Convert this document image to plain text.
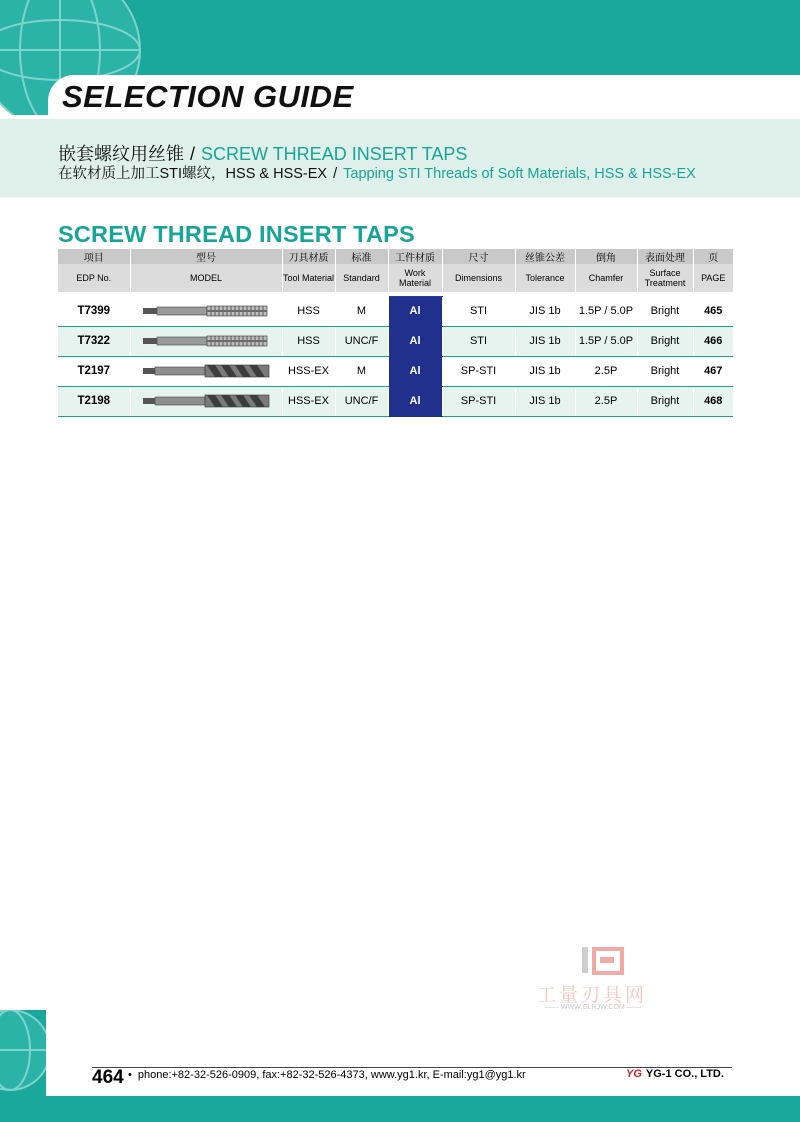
SELECTION GUIDE
嵌套螺纹用丝锥 / SCREW THREAD INSERT TAPS
在软材质上加工STI螺纹，HSS & HSS-EX / Tapping STI Threads of Soft Materials, HSS & HSS-EX
SCREW THREAD INSERT TAPS
项目	型号	刀具材质	标准	工件材质	尺寸	丝锥公差	倒角	表面处理	页
EDP No.	MODEL	Tool Material	Standard	Work Material	Dimensions	Tolerance	Chamfer	Surface Treatment	PAGE

T7399		HSS	M	Al	STI	JIS 1b	1.5P / 5.0P	Bright	465
T7322		HSS	UNC/F	Al	STI	JIS 1b	1.5P / 5.0P	Bright	466
T2197		HSS-EX	M	Al	SP-STI	JIS 1b	2.5P	Bright	467
T2198		HSS-EX	UNC/F	Al	SP-STI	JIS 1b	2.5P	Bright	468
工量刃具网
—— WWW.GLRJW.COM ——
464 • phone:+82-32-526-0909, fax:+82-32-526-4373, www.yg1.kr, E-mail:yg1@yg1.kr	YG YG-1 CO., LTD.
